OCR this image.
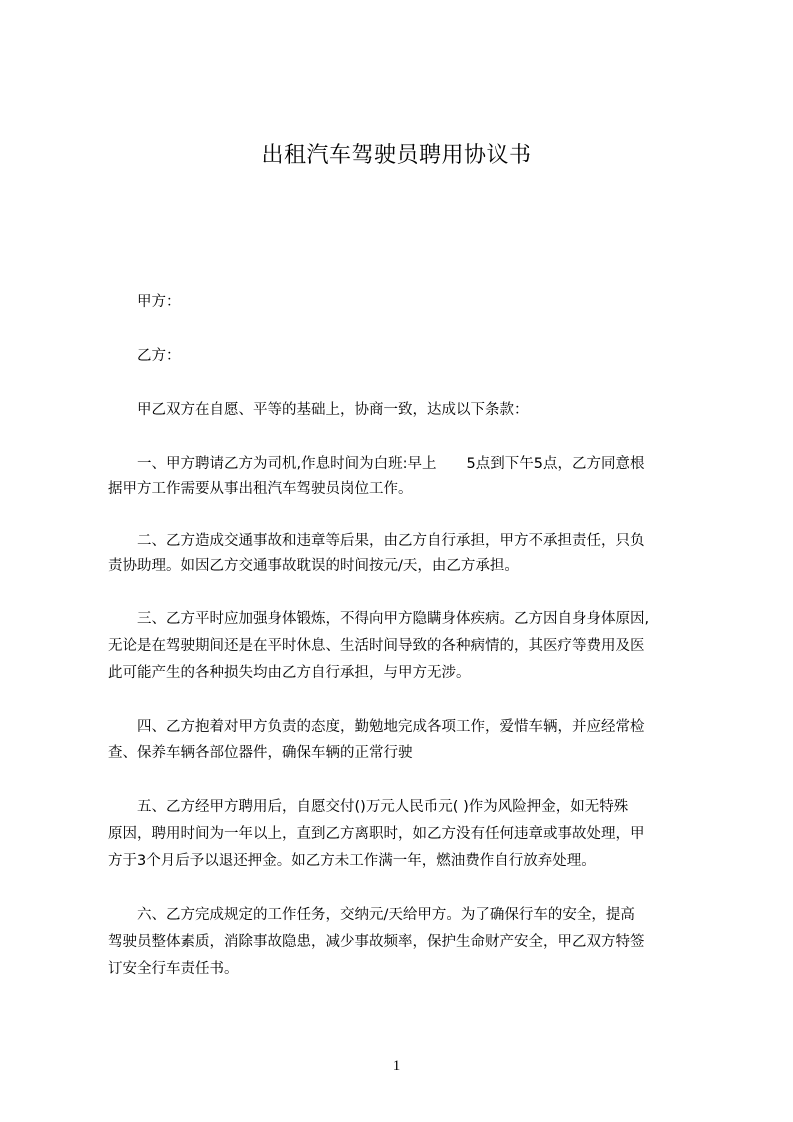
出租汽车驾驶员聘用协议书
甲方：
乙方：
甲乙双方在自愿、平等的基础上，协商一致，达成以下条款：
一、甲方聘请乙方为司机,作息时间为白班:早上 5点到下午5点，乙方同意根
据甲方工作需要从事出租汽车驾驶员岗位工作。
二、乙方造成交通事故和违章等后果，由乙方自行承担，甲方不承担责任，只负
责协助理。如因乙方交通事故耽误的时间按元/天，由乙方承担。
三、乙方平时应加强身体锻炼，不得向甲方隐瞒身体疾病。乙方因自身身体原因,
无论是在驾驶期间还是在平时休息、生活时间导致的各种病情的，其医疗等费用及医
此可能产生的各种损失均由乙方自行承担，与甲方无涉。
四、乙方抱着对甲方负责的态度，勤勉地完成各项工作，爱惜车辆，并应经常检
查、保养车辆各部位器件，确保车辆的正常行驶
五、乙方经甲方聘用后，自愿交付()万元人民币元( )作为风险押金，如无特殊
原因，聘用时间为一年以上，直到乙方离职时，如乙方没有任何违章或事故处理，甲
方于3个月后予以退还押金。如乙方未工作满一年，燃油费作自行放弃处理。
六、乙方完成规定的工作任务，交纳元/天给甲方。为了确保行车的安全，提高
驾驶员整体素质，消除事故隐患，减少事故频率，保护生命财产安全，甲乙双方特签
订安全行车责任书。
1
